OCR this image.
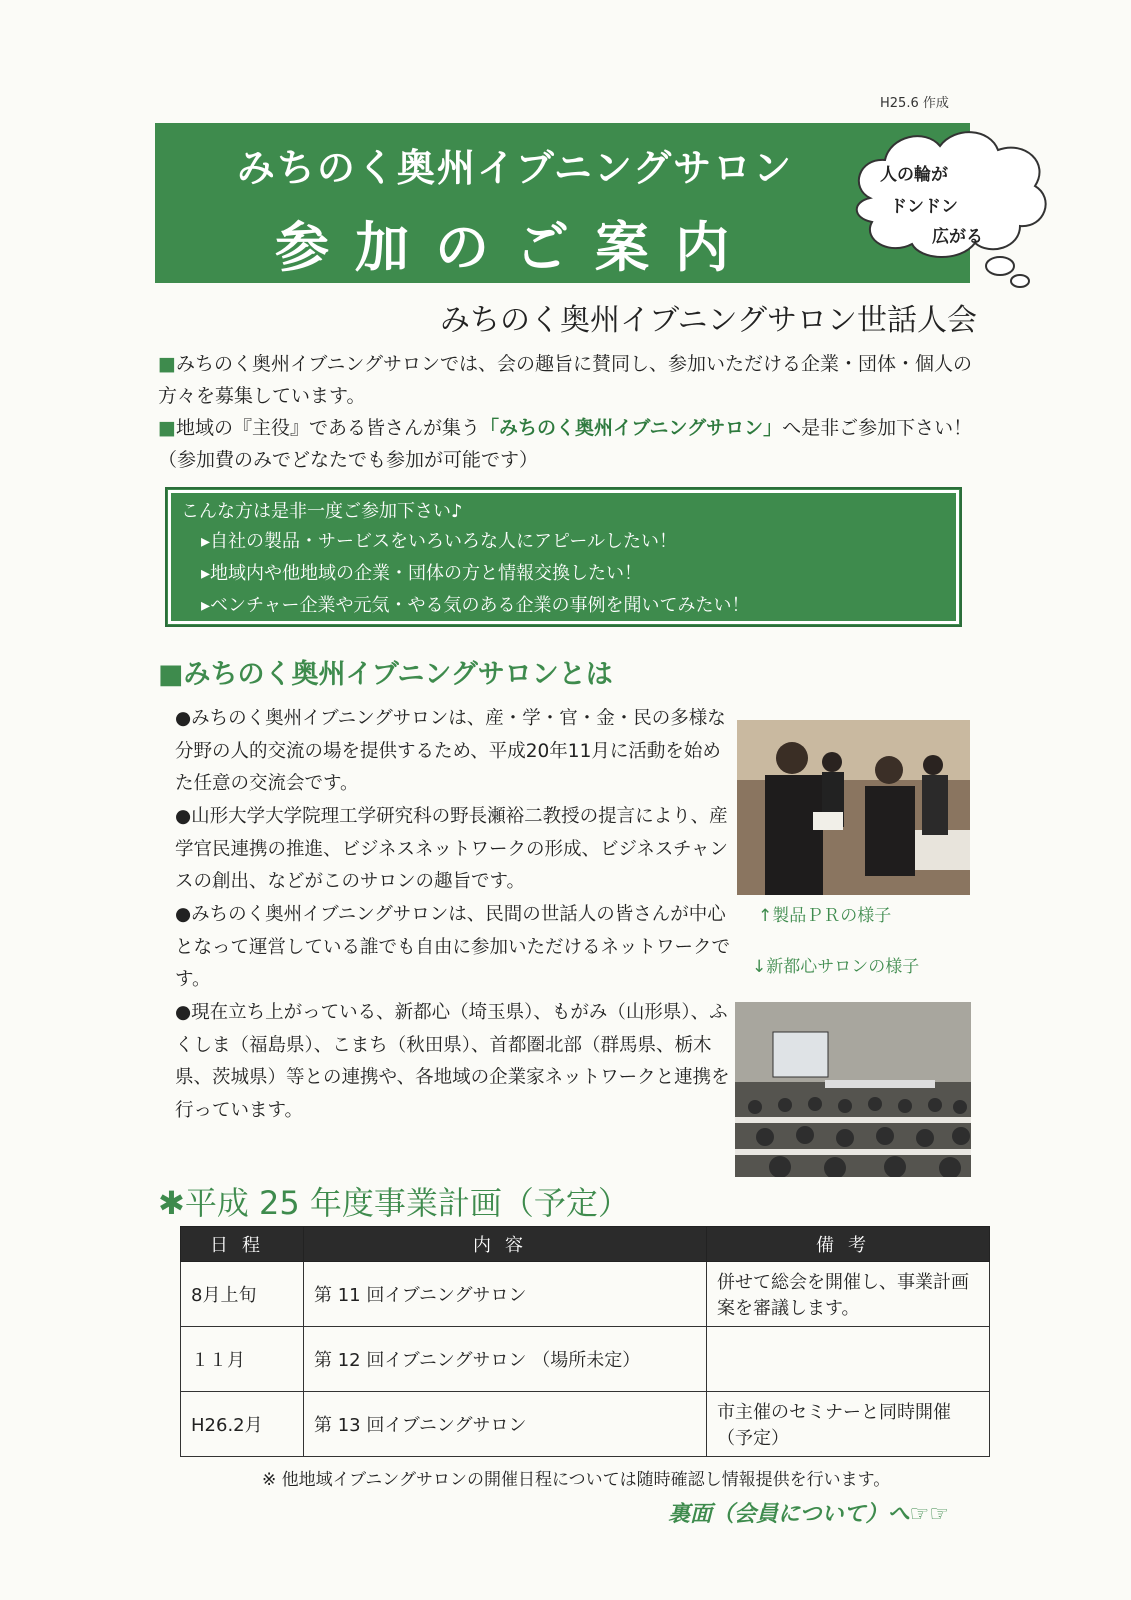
H25.6 作成
みちのく奥州イブニングサロン
参加のご案内
人の輪が
ドンドン
広がる
みちのく奥州イブニングサロン世話人会
■みちのく奥州イブニングサロンでは、会の趣旨に賛同し、参加いただける企業・団体・個人の方々を募集しています。
■地域の『主役』である皆さんが集う「みちのく奥州イブニングサロン」へ是非ご参加下さい！（参加費のみでどなたでも参加が可能です）
こんな方は是非一度ご参加下さい♪
▸自社の製品・サービスをいろいろな人にアピールしたい！
▸地域内や他地域の企業・団体の方と情報交換したい！
▸ベンチャー企業や元気・やる気のある企業の事例を聞いてみたい！
■みちのく奥州イブニングサロンとは
●みちのく奥州イブニングサロンは、産・学・官・金・民の多様な分野の人的交流の場を提供するため、平成20年11月に活動を始めた任意の交流会です。
●山形大学大学院理工学研究科の野長瀬裕二教授の提言により、産学官民連携の推進、ビジネスネットワークの形成、ビジネスチャンスの創出、などがこのサロンの趣旨です。
●みちのく奥州イブニングサロンは、民間の世話人の皆さんが中心となって運営している誰でも自由に参加いただけるネットワークです。
●現在立ち上がっている、新都心（埼玉県）、もがみ（山形県）、ふくしま（福島県）、こまち（秋田県）、首都圏北部（群馬県、栃木県、茨城県）等との連携や、各地域の企業家ネットワークと連携を行っています。
↑製品ＰＲの様子
↓新都心サロンの様子
✱平成 25 年度事業計画（予定）
日程	内容	備考
8月上旬	第 11 回イブニングサロン	併せて総会を開催し、事業計画案を審議します。
１１月	第 12 回イブニングサロン （場所未定）	
H26.2月	第 13 回イブニングサロン	市主催のセミナーと同時開催 （予定）
※ 他地域イブニングサロンの開催日程については随時確認し情報提供を行います。
裏面（会員について）へ☞☞
